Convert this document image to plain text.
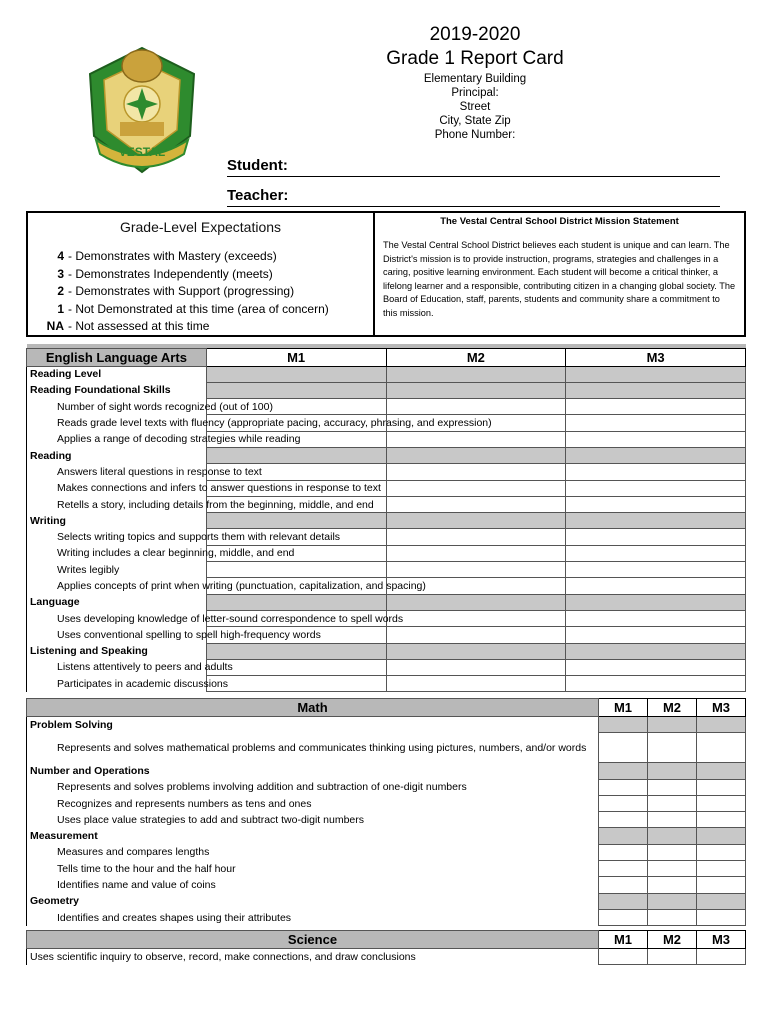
VESTAL
2019-2020
Grade 1 Report Card
Elementary Building
Principal:
Street
City, State Zip
Phone Number:
Student:
Teacher:
Grade-Level Expectations
4 - Demonstrates with Mastery (exceeds)
3 - Demonstrates Independently (meets)
2 - Demonstrates with Support (progressing)
1 - Not Demonstrated at this time (area of concern)
NA - Not assessed at this time
The Vestal Central School District Mission Statement

The Vestal Central School District believes each student is unique and can learn. The District's mission is to provide instruction, programs, strategies and challenges in a caring, positive learning environment. Each student will become a critical thinker, a lifelong learner and a responsible, contributing citizen in a changing global society. The Board of Education, staff, parents, students and community share a commitment to this mission.

English Language Arts	M1	M2	M3
Reading Level			
Reading Foundational Skills			
Number of sight words recognized (out of 100)			
Reads grade level texts with fluency (appropriate pacing, accuracy, phrasing, and expression)			
Applies a range of decoding strategies while reading			
Reading			
Answers literal questions in response to text			
Makes connections and infers to answer questions in response to text			
Retells a story, including details from the beginning, middle, and end			
Writing			
Selects writing topics and supports them with relevant details			
Writing includes a clear beginning, middle, and end			
Writes legibly			
Applies concepts of print when writing (punctuation, capitalization, and spacing)			
Language			
Uses developing knowledge of letter-sound correspondence to spell words			
Uses conventional spelling to spell high-frequency words			
Listening and Speaking			
Listens attentively to peers and adults			
Participates in academic discussions			
Math	M1	M2	M3
Problem Solving			
Represents and solves mathematical problems and communicates thinking using pictures, numbers, and/or words			
Number and Operations			
Represents and solves problems involving addition and subtraction of one-digit numbers			
Recognizes and represents numbers as tens and ones			
Uses place value strategies to add and subtract two-digit numbers			
Measurement			
Measures and compares lengths			
Tells time to the hour and the half hour			
Identifies name and value of coins			
Geometry			
Identifies and creates shapes using their attributes			
Science	M1	M2	M3
Uses scientific inquiry to observe, record, make connections, and draw conclusions			
